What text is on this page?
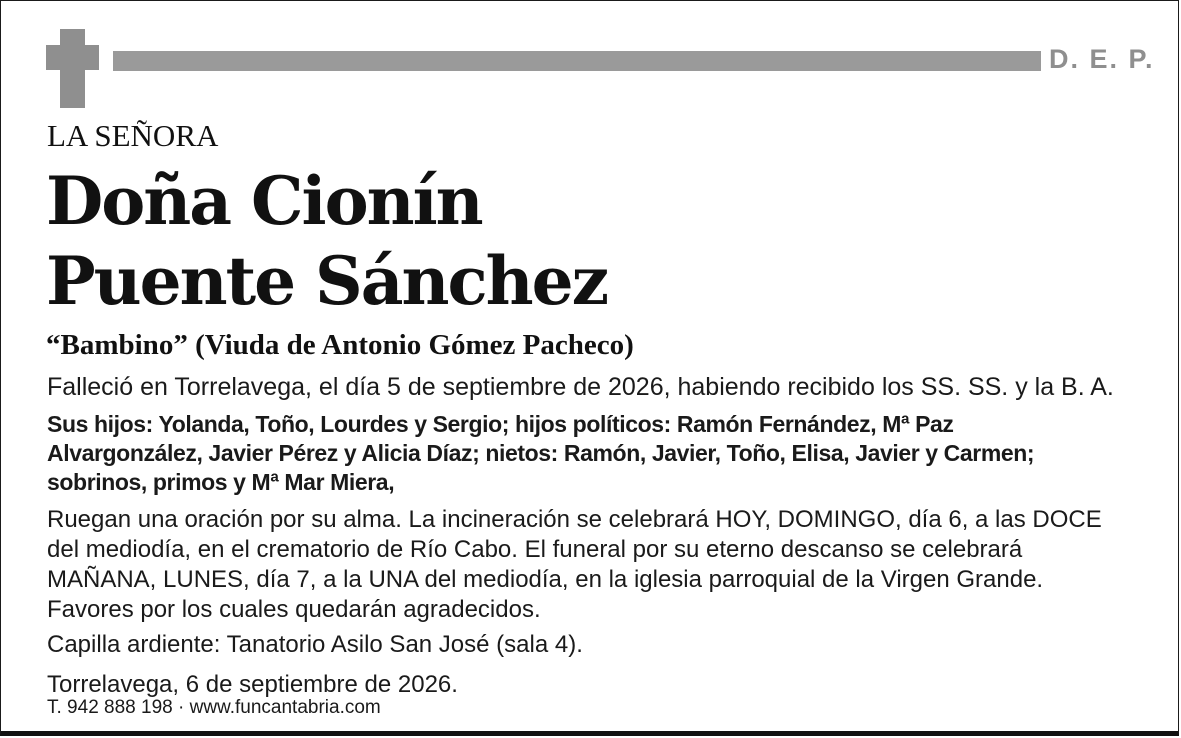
D. E. P.
LA SEÑORA
Doña Cionín
Puente Sánchez
“Bambino” (Viuda de Antonio Gómez Pacheco)
Falleció en Torrelavega, el día 5 de septiembre de 2026, habiendo recibido los SS. SS. y la B. A.
Sus hijos: Yolanda, Toño, Lourdes y Sergio; hijos políticos: Ramón Fernández, Mª Paz
Alvargonzález, Javier Pérez y Alicia Díaz; nietos: Ramón, Javier, Toño, Elisa, Javier y Carmen;
sobrinos, primos y Mª Mar Miera,
Ruegan una oración por su alma. La incineración se celebrará HOY, DOMINGO, día 6, a las DOCE
del mediodía, en el crematorio de Río Cabo. El funeral por su eterno descanso se celebrará
MAÑANA, LUNES, día 7, a la UNA del mediodía, en la iglesia parroquial de la Virgen Grande.
Favores por los cuales quedarán agradecidos.
Capilla ardiente: Tanatorio Asilo San José (sala 4).
Torrelavega, 6 de septiembre de 2026.
T. 942 888 198 · www.funcantabria.com
